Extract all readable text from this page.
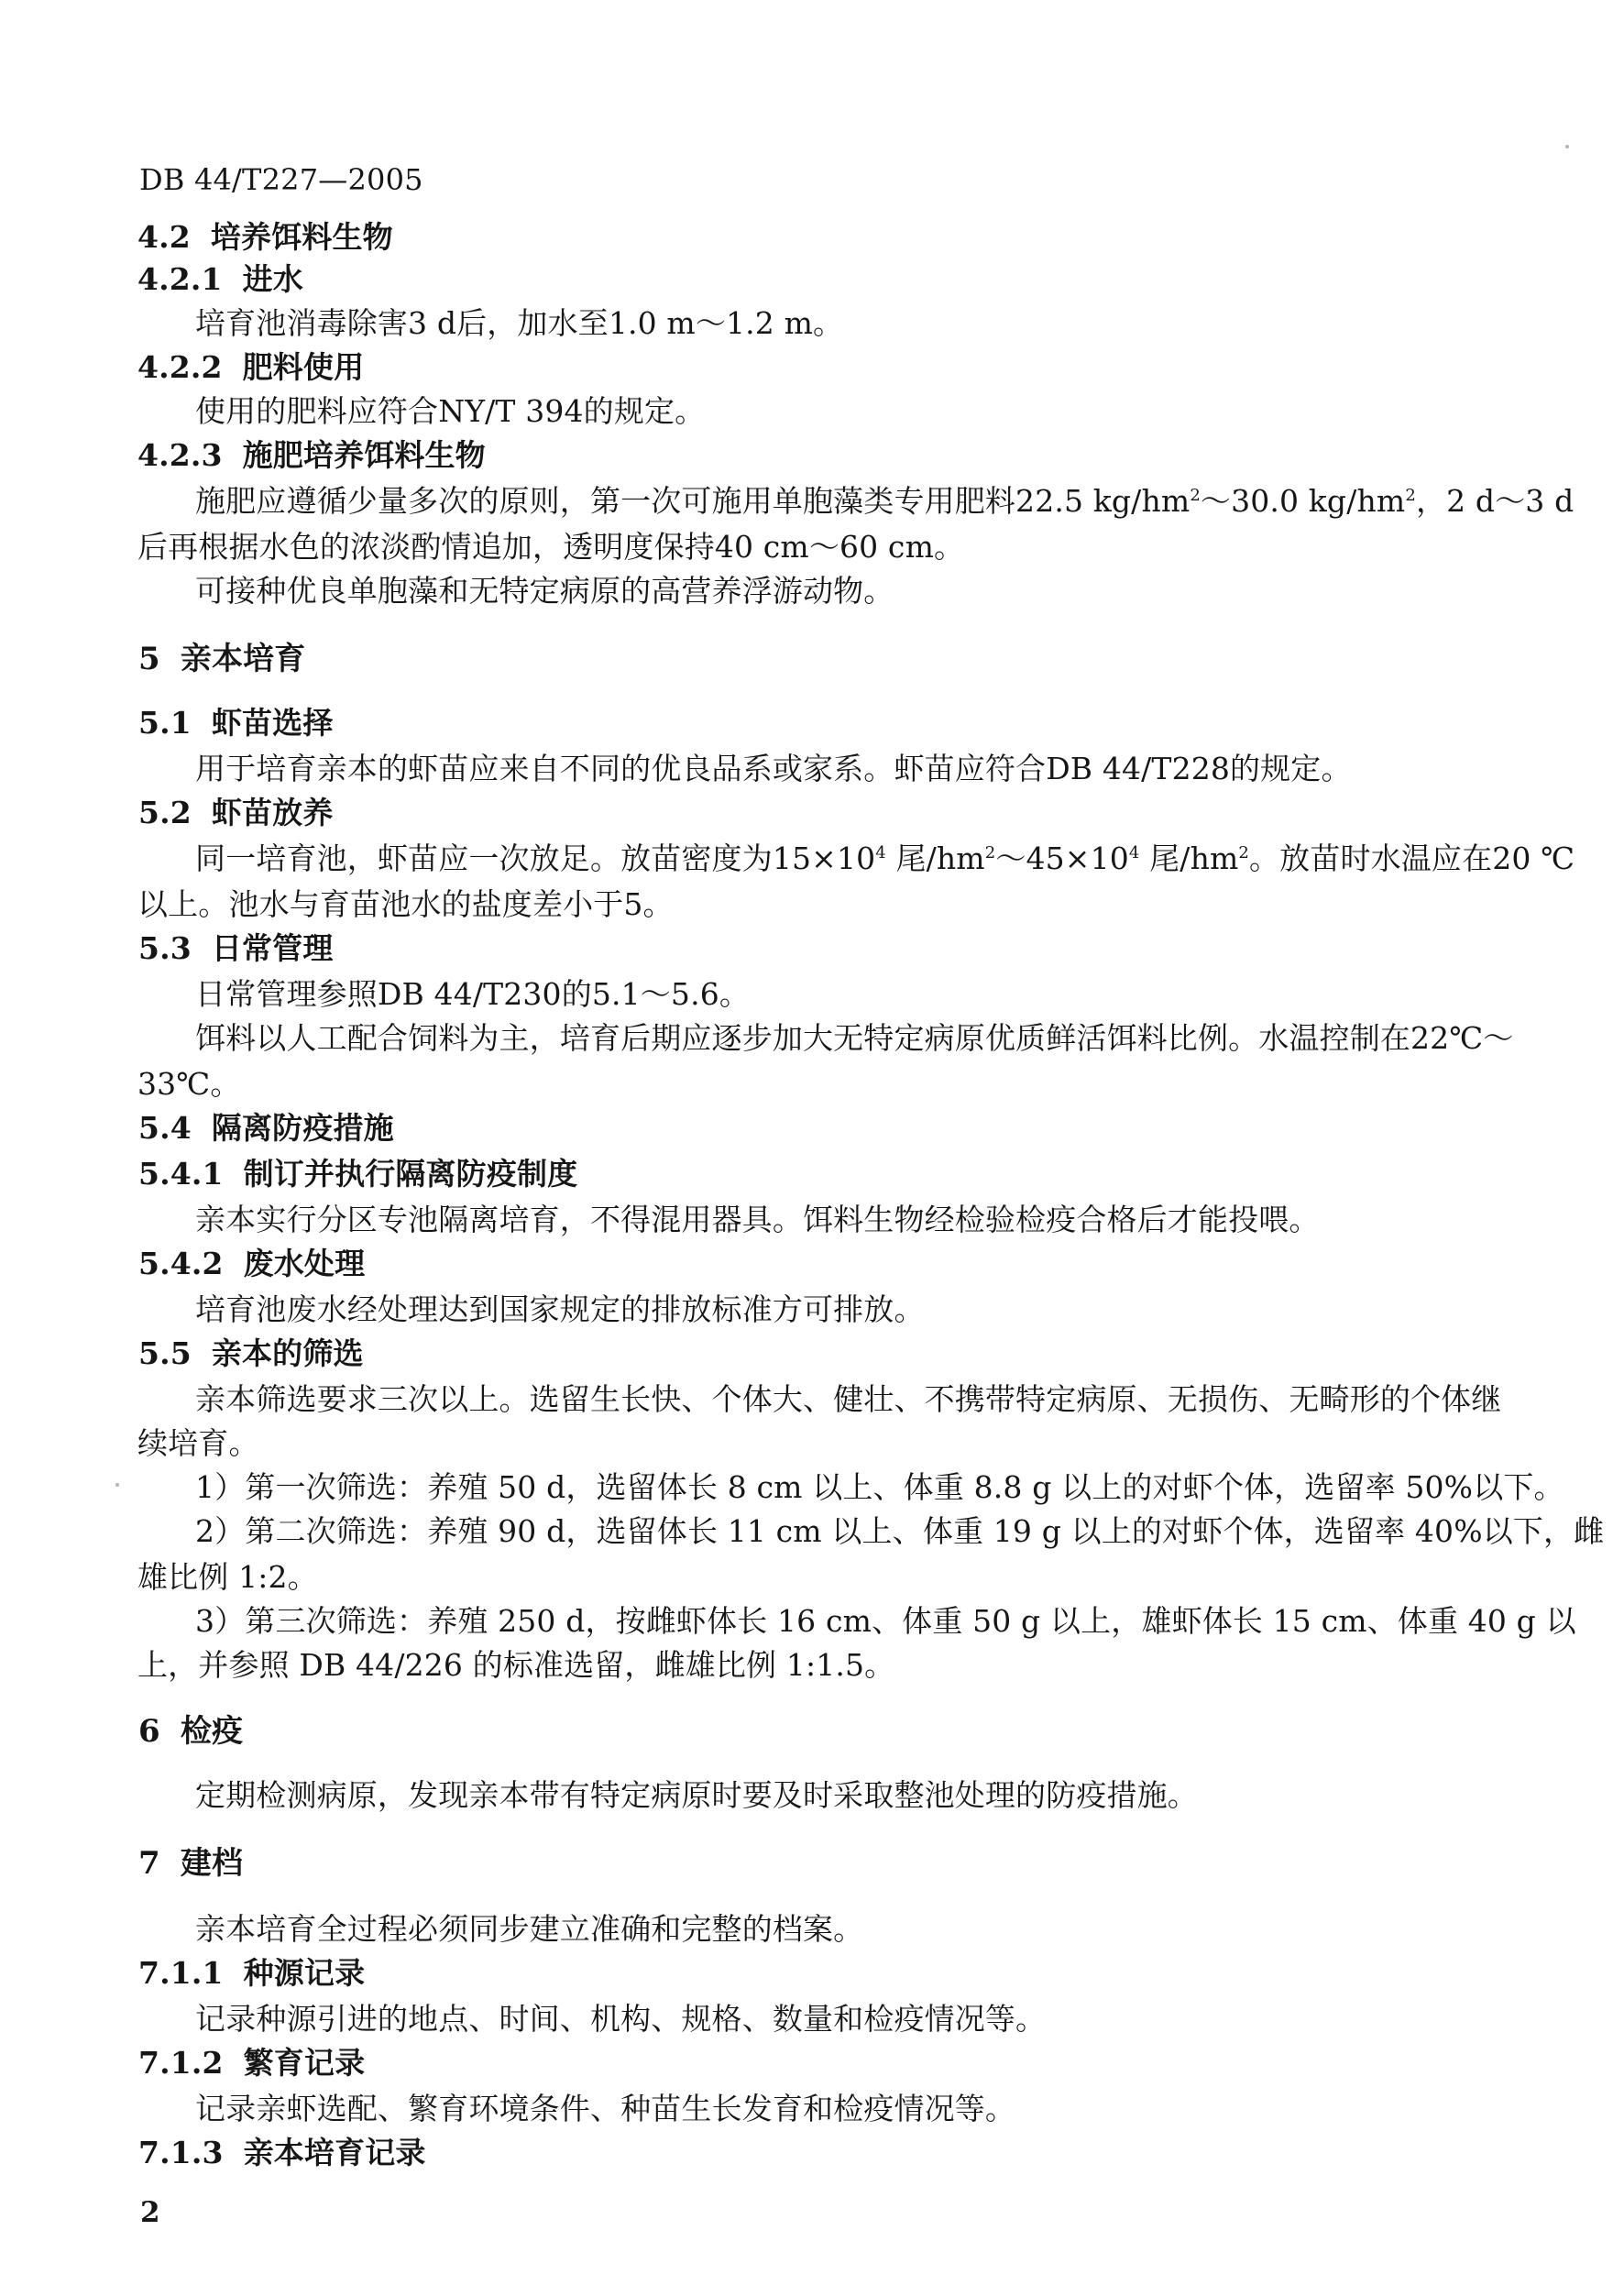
DB 44/T227—2005
4.2 培养饵料生物
4.2.1 进水
培育池消毒除害3 d后，加水至1.0 m～1.2 m。
4.2.2 肥料使用
使用的肥料应符合NY/T 394的规定。
4.2.3 施肥培养饵料生物
施肥应遵循少量多次的原则，第一次可施用单胞藻类专用肥料22.5 $kg/hm^2\sim 30.0$ $kg/hm^2$，2 d～3 d
后再根据水色的浓淡酌情追加，透明度保持40 cm～60 cm。
可接种优良单胞藻和无特定病原的高营养浮游动物。
5 亲本培育
5.1 虾苗选择
用于培育亲本的虾苗应来自不同的优良品系或家系。虾苗应符合DB 44/T228的规定。
5.2 虾苗放养
同一培育池，虾苗应一次放足。放苗密度为$15\times 10^4$ 尾$/hm^2\sim 45\times 10^4$ 尾$/hm^2$。放苗时水温应在20 ℃
以上。池水与育苗池水的盐度差小于5。
5.3 日常管理
日常管理参照DB 44/T230的5.1～5.6。
饵料以人工配合饲料为主，培育后期应逐步加大无特定病原优质鲜活饵料比例。水温控制在22℃～
33℃。
5.4 隔离防疫措施
5.4.1 制订并执行隔离防疫制度
亲本实行分区专池隔离培育，不得混用器具。饵料生物经检验检疫合格后才能投喂。
5.4.2 废水处理
培育池废水经处理达到国家规定的排放标准方可排放。
5.5 亲本的筛选
亲本筛选要求三次以上。选留生长快、个体大、健壮、不携带特定病原、无损伤、无畸形的个体继
续培育。
1）第一次筛选：养殖 50 d，选留体长 8 cm 以上、体重 8.8 g 以上的对虾个体，选留率 50%以下。
2）第二次筛选：养殖 90 d，选留体长 11 cm 以上、体重 19 g 以上的对虾个体，选留率 40%以下，雌
雄比例 1:2。
3）第三次筛选：养殖 250 d，按雌虾体长 16 cm、体重 50 g 以上，雄虾体长 15 cm、体重 40 g 以
上，并参照 DB 44/226 的标准选留，雌雄比例 1:1.5。
6 检疫
定期检测病原，发现亲本带有特定病原时要及时采取整池处理的防疫措施。
7 建档
亲本培育全过程必须同步建立准确和完整的档案。
7.1.1 种源记录
记录种源引进的地点、时间、机构、规格、数量和检疫情况等。
7.1.2 繁育记录
记录亲虾选配、繁育环境条件、种苗生长发育和检疫情况等。
7.1.3 亲本培育记录
2
